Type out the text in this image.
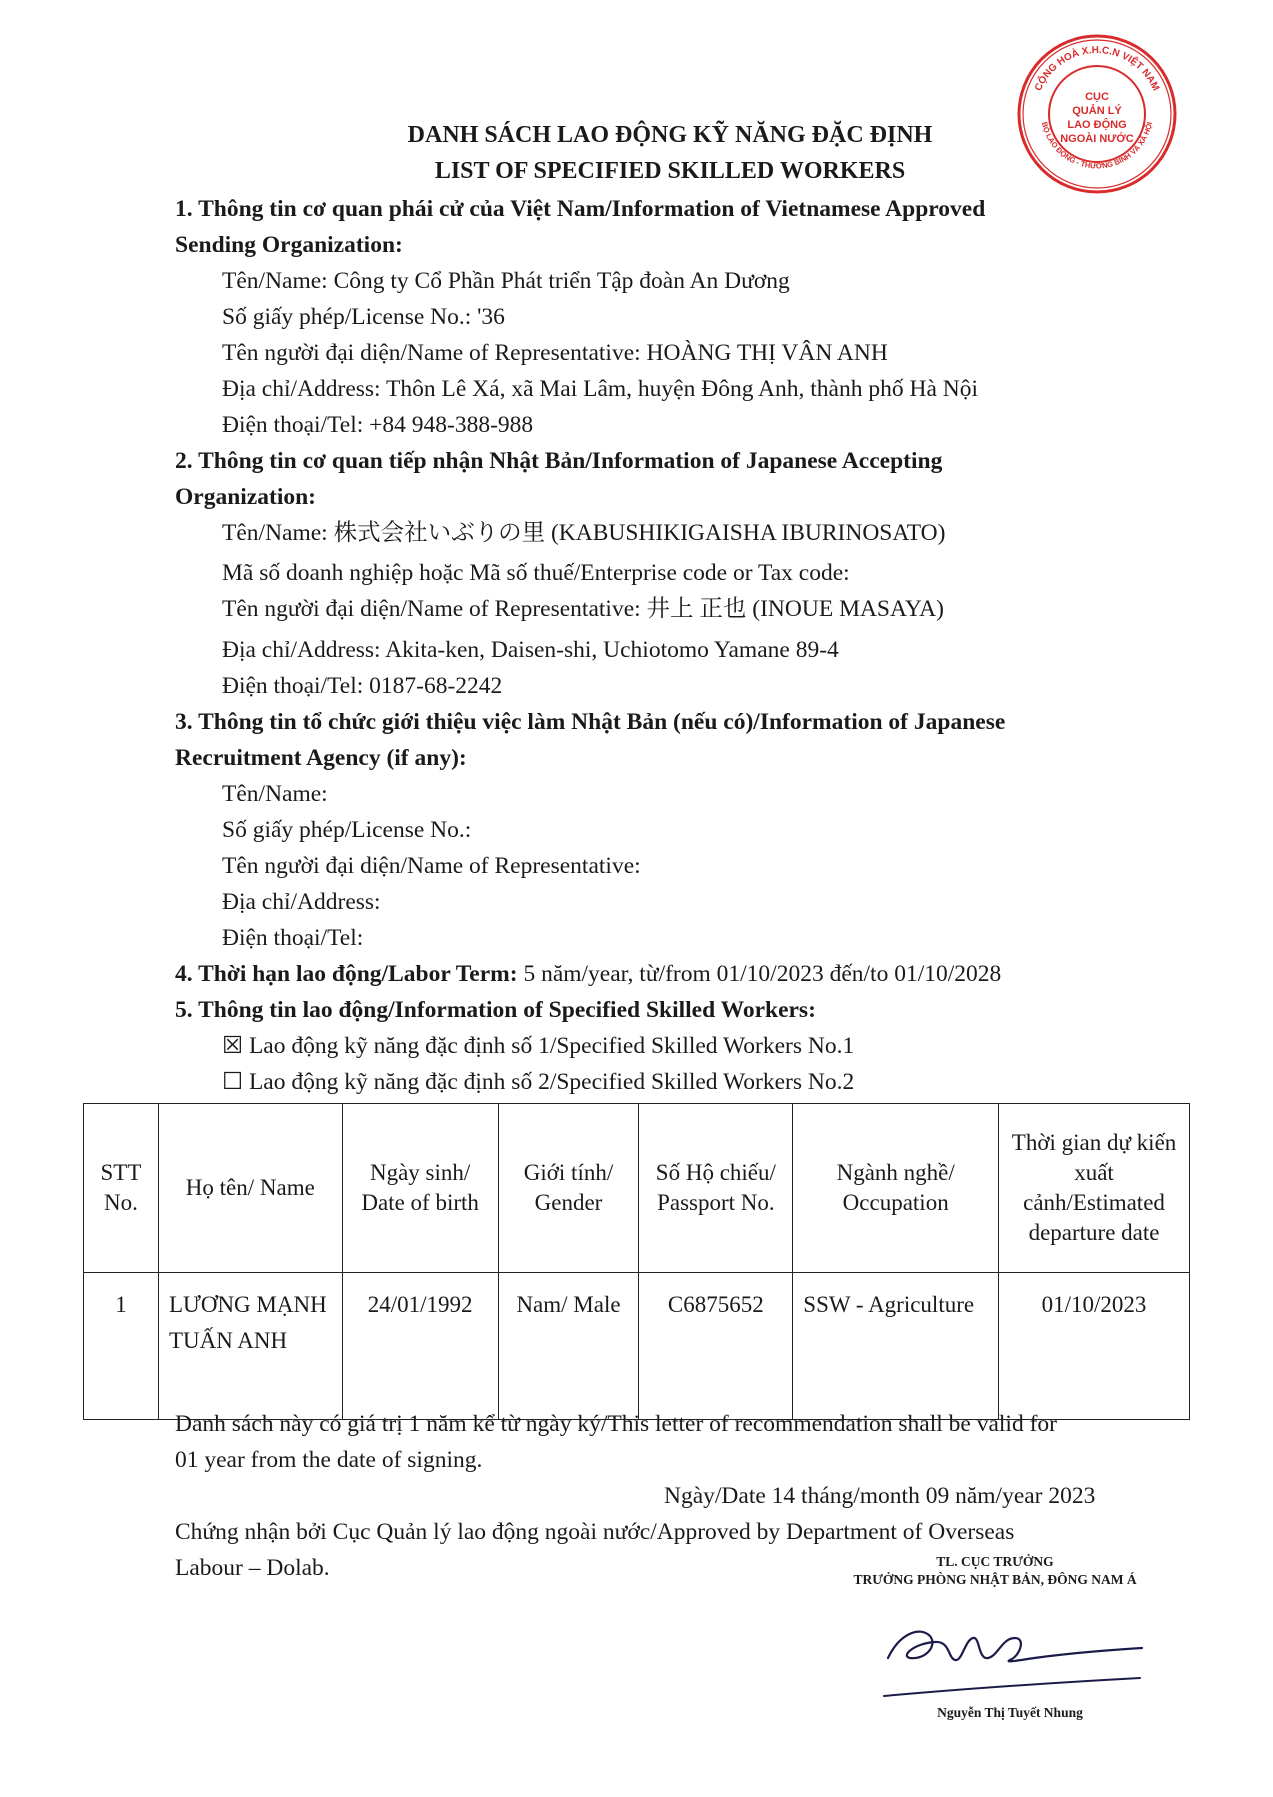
CỘNG HOÀ X.H.C.N VIỆT NAM
BỘ LAO ĐỘNG - THƯƠNG BINH VÀ XÃ HỘI
CỤC
QUẢN LÝ
LAO ĐỘNG
NGOÀI NƯỚC
DANH SÁCH LAO ĐỘNG KỸ NĂNG ĐẶC ĐỊNH
LIST OF SPECIFIED SKILLED WORKERS
1. Thông tin cơ quan phái cử của Việt Nam/Information of Vietnamese Approved
Sending Organization:
Tên/Name: Công ty Cổ Phần Phát triển Tập đoàn An Dương
Số giấy phép/License No.: '36
Tên người đại diện/Name of Representative: HOÀNG THỊ VÂN ANH
Địa chỉ/Address: Thôn Lê Xá, xã Mai Lâm, huyện Đông Anh, thành phố Hà Nội
Điện thoại/Tel: +84 948-388-988
2. Thông tin cơ quan tiếp nhận Nhật Bản/Information of Japanese Accepting
Organization:
Tên/Name: 株式会社いぶりの里 (KABUSHIKIGAISHA IBURINOSATO)
Mã số doanh nghiệp hoặc Mã số thuế/Enterprise code or Tax code:
Tên người đại diện/Name of Representative: 井上 正也 (INOUE MASAYA)
Địa chỉ/Address: Akita-ken, Daisen-shi, Uchiotomo Yamane 89-4
Điện thoại/Tel: 0187-68-2242
3. Thông tin tổ chức giới thiệu việc làm Nhật Bản (nếu có)/Information of Japanese
Recruitment Agency (if any):
Tên/Name:
Số giấy phép/License No.:
Tên người đại diện/Name of Representative:
Địa chỉ/Address:
Điện thoại/Tel:
4. Thời hạn lao động/Labor Term: 5 năm/year, từ/from 01/10/2023 đến/to 01/10/2028
5. Thông tin lao động/Information of Specified Skilled Workers:
☒ Lao động kỹ năng đặc định số 1/Specified Skilled Workers No.1
☐ Lao động kỹ năng đặc định số 2/Specified Skilled Workers No.2
STT No.	Họ tên/ Name	Ngày sinh/ Date of birth	Giới tính/ Gender	Số Hộ chiếu/ Passport No.	Ngành nghề/ Occupation	Thời gian dự kiến xuất cảnh/Estimated departure date
1	LƯƠNG MẠNH TUẤN ANH	24/01/1992	Nam/ Male	C6875652	SSW - Agriculture	01/10/2023
Danh sách này có giá trị 1 năm kể từ ngày ký/This letter of recommendation shall be valid for
01 year from the date of signing.
Ngày/Date 14 tháng/month 09 năm/year 2023
Chứng nhận bởi Cục Quản lý lao động ngoài nước/Approved by Department of Overseas
Labour – Dolab.	TL. CỤC TRƯỞNG
TRƯỞNG PHÒNG NHẬT BẢN, ĐÔNG NAM Á
Nguyễn Thị Tuyết Nhung
